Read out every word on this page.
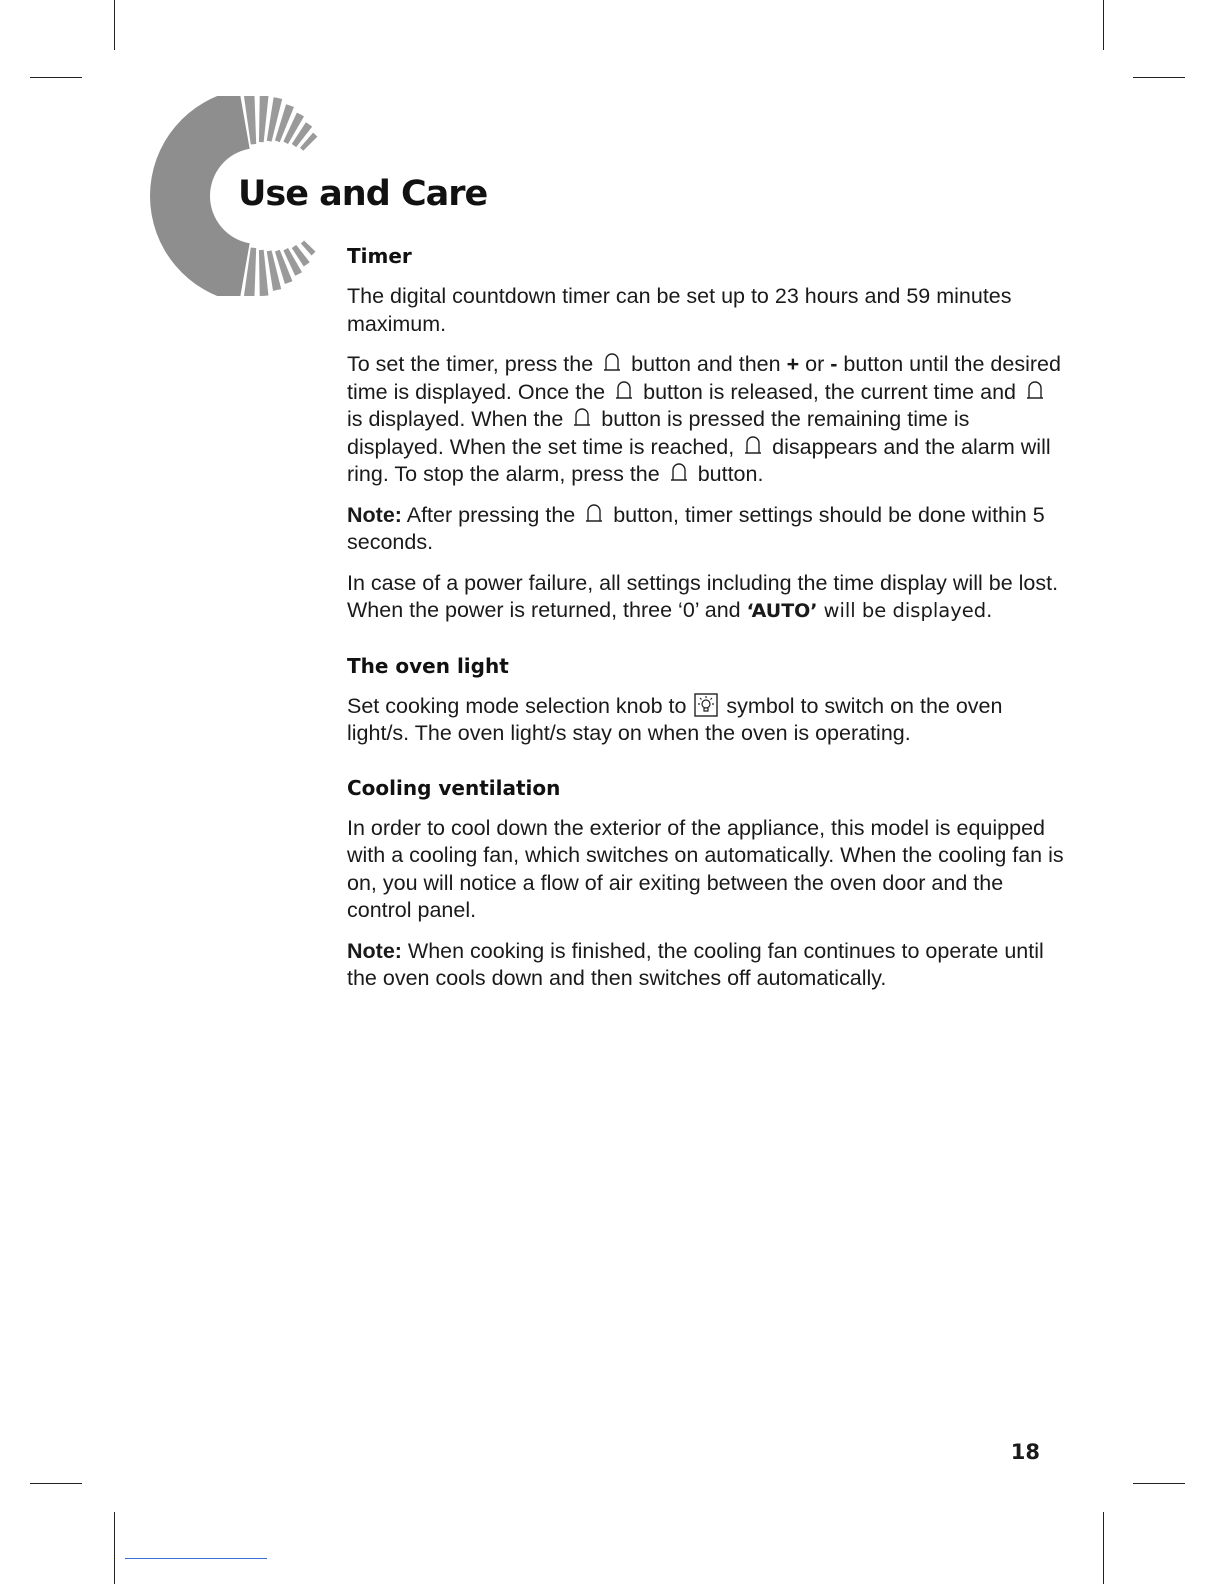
Use and Care
Timer

The digital countdown timer can be set up to 23 hours and 59 minutes maximum.

To set the timer, press the button and then + or - button until the desired time is displayed. Once the button is released, the current time and  is displayed. When the button is pressed the remaining time is displayed. When the set time is reached, disappears and the alarm will ring. To stop the alarm, press the button.

Note: After pressing the button, timer settings should be done within 5 seconds.

In case of a power failure, all settings including the time display will be lost. When the power is returned, three ‘0’ and ‘AUTO’ will be displayed.

The oven light

Set cooking mode selection knob to symbol to switch on the oven light/s. The oven light/s stay on when the oven is operating.

Cooling ventilation

In order to cool down the exterior of the appliance, this model is equipped with a cooling fan, which switches on automatically. When the cooling fan is on, you will notice a flow of air exiting between the oven door and the control panel.

Note: When cooking is finished, the cooling fan continues to operate until the oven cools down and then switches off automatically.

18
